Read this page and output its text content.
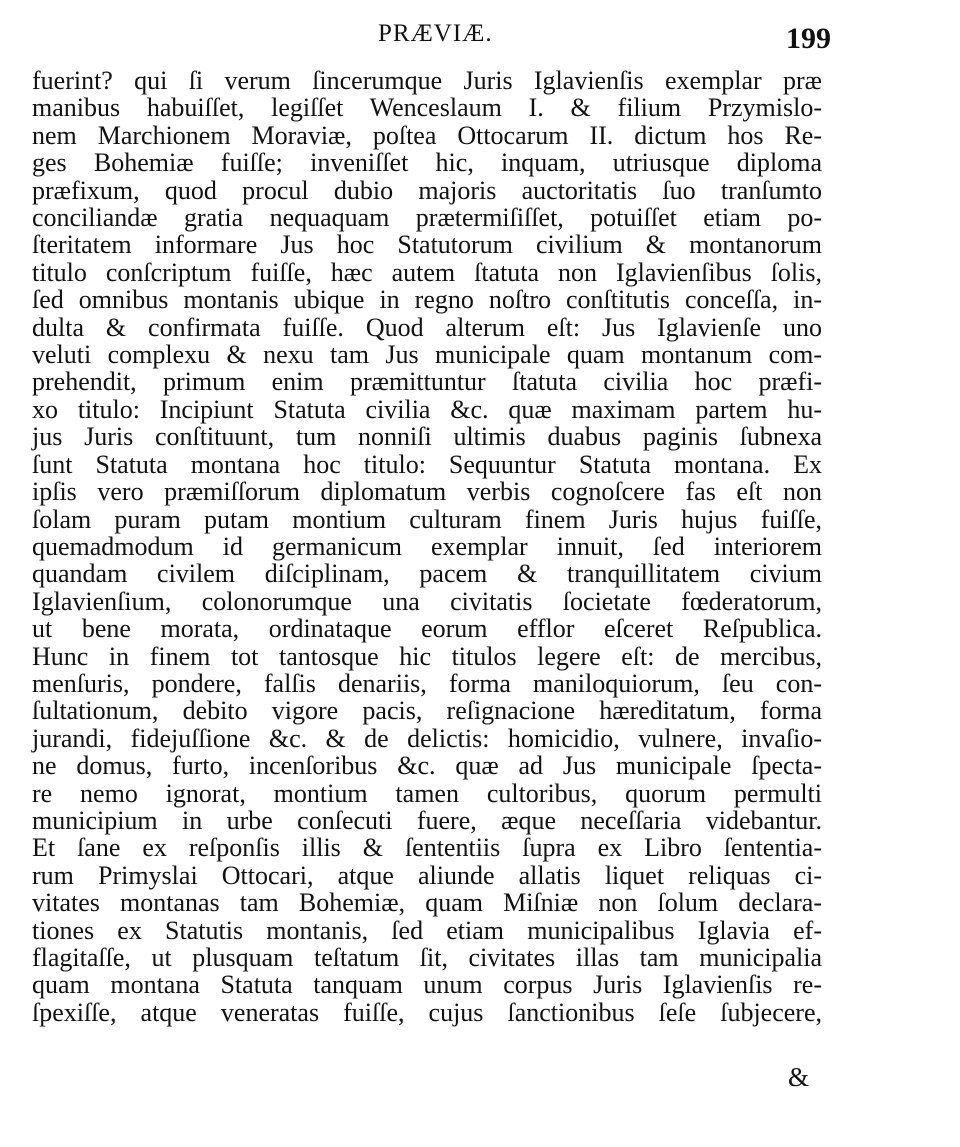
PRÆVIÆ.	199
fuerint? qui ſi verum ſincerumque Juris Iglavienſis exemplar præ
manibus habuiſſet, legiſſet Wenceslaum I. & filium Przymislo-
nem Marchionem Moraviæ, poſtea Ottocarum II. dictum hos Re-
ges Bohemiæ fuiſſe; inveniſſet hic, inquam, utriusque diploma
præfixum, quod procul dubio majoris auctoritatis ſuo tranſumto
conciliandæ gratia nequaquam prætermiſiſſet, potuiſſet etiam po-
ſteritatem informare Jus hoc Statutorum civilium & montanorum
titulo conſcriptum fuiſſe, hæc autem ſtatuta non Iglavienſibus ſolis,
ſed omnibus montanis ubique in regno noſtro conſtitutis conceſſa, in-
dulta & confirmata fuiſſe. Quod alterum eſt: Jus Iglavienſe uno
veluti complexu & nexu tam Jus municipale quam montanum com-
prehendit, primum enim præmittuntur ſtatuta civilia hoc præfi-
xo titulo: Incipiunt Statuta civilia &c. quæ maximam partem hu-
jus Juris conſtituunt, tum nonniſi ultimis duabus paginis ſubnexa
ſunt Statuta montana hoc titulo: Sequuntur Statuta montana. Ex
ipſis vero præmiſſorum diplomatum verbis cognoſcere fas eſt non
ſolam puram putam montium culturam finem Juris hujus fuiſſe,
quemadmodum id germanicum exemplar innuit, ſed interiorem
quandam civilem diſciplinam, pacem & tranquillitatem civium
Iglavienſium, colonorumque una civitatis ſocietate fœderatorum,
ut bene morata, ordinataque eorum efflor eſceret Reſpublica.
Hunc in finem tot tantosque hic titulos legere eſt: de mercibus,
menſuris, pondere, falſis denariis, forma maniloquiorum, ſeu con-
ſultationum, debito vigore pacis, reſignacione hæreditatum, forma
jurandi, fidejuſſione &c. & de delictis: homicidio, vulnere, invaſio-
ne domus, furto, incenſoribus &c. quæ ad Jus municipale ſpecta-
re nemo ignorat, montium tamen cultoribus, quorum permulti
municipium in urbe conſecuti fuere, æque neceſſaria videbantur.
Et ſane ex reſponſis illis & ſententiis ſupra ex Libro ſententia-
rum Primyslai Ottocari, atque aliunde allatis liquet reliquas ci-
vitates montanas tam Bohemiæ, quam Miſniæ non ſolum declara-
tiones ex Statutis montanis, ſed etiam municipalibus Iglavia ef-
flagitaſſe, ut plusquam teſtatum ſit, civitates illas tam municipalia
quam montana Statuta tanquam unum corpus Juris Iglavienſis re-
ſpexiſſe, atque veneratas fuiſſe, cujus ſanctionibus ſeſe ſubjecere,
&
